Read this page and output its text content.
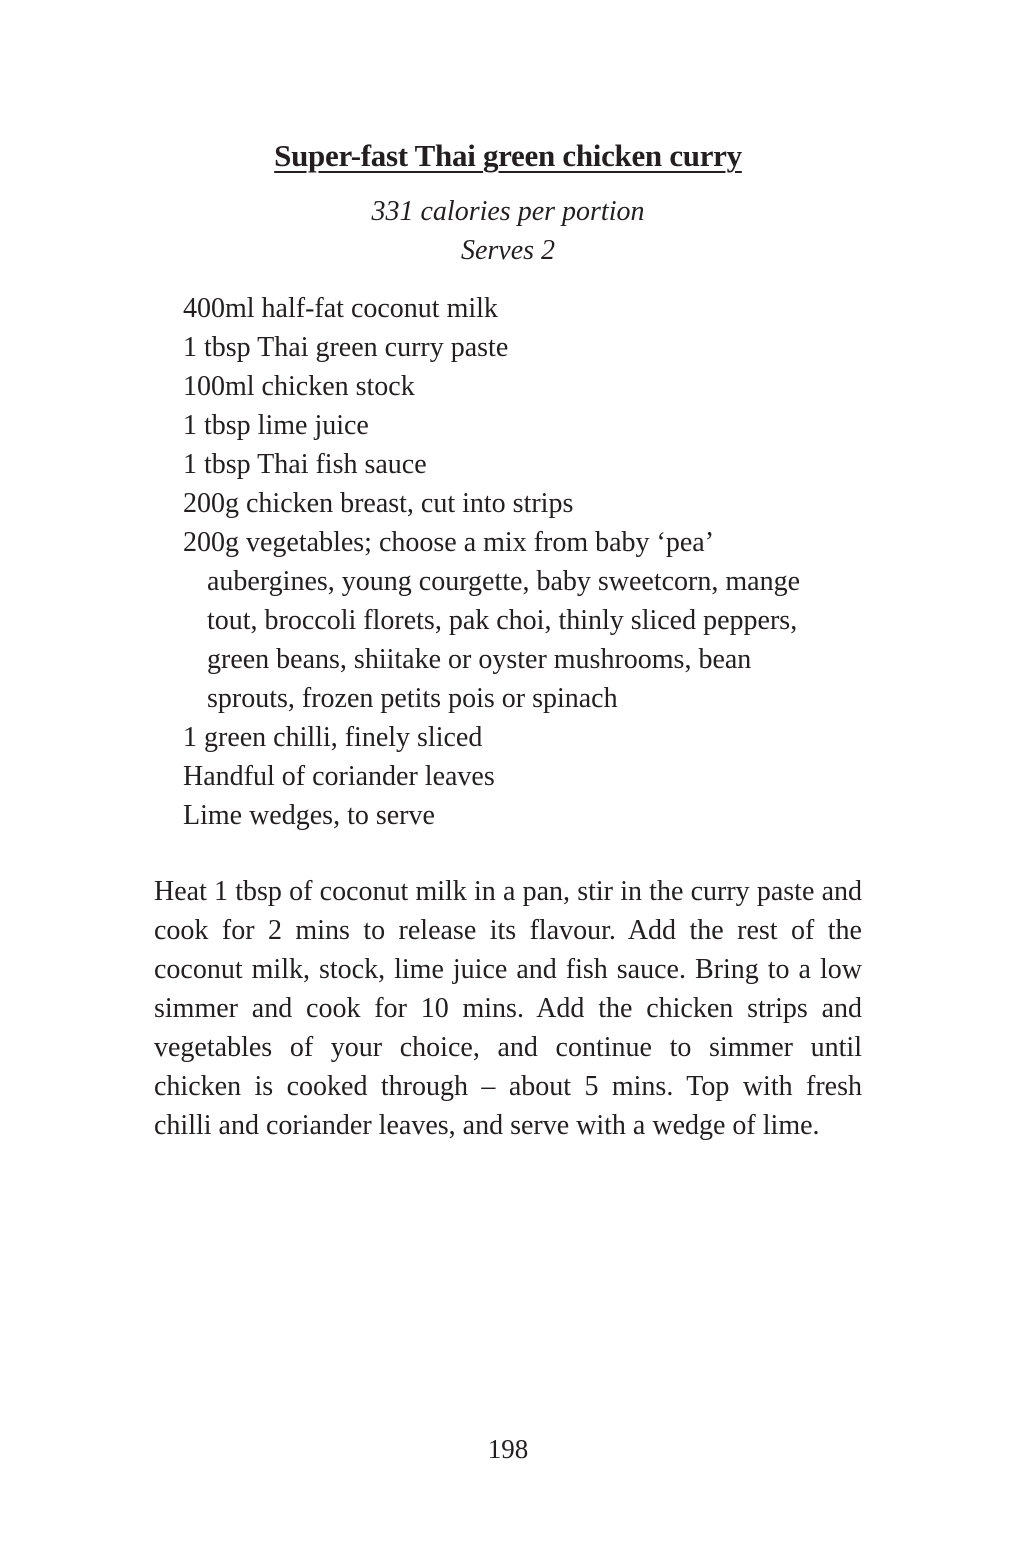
Super-fast Thai green chicken curry
331 calories per portion
Serves 2
400ml half-fat coconut milk
1 tbsp Thai green curry paste
100ml chicken stock
1 tbsp lime juice
1 tbsp Thai fish sauce
200g chicken breast, cut into strips
200g vegetables; choose a mix from baby ‘pea’
aubergines, young courgette, baby sweetcorn, mange
tout, broccoli florets, pak choi, thinly sliced peppers,
green beans, shiitake or oyster mushrooms, bean
sprouts, frozen petits pois or spinach
1 green chilli, finely sliced
Handful of coriander leaves
Lime wedges, to serve

Heat 1 tbsp of coconut milk in a pan, stir in the curry paste and cook for 2 mins to release its flavour. Add the rest of the coconut milk, stock, lime juice and fish sauce. Bring to a low simmer and cook for 10 mins. Add the chicken strips and vegetables of your choice, and continue to simmer until chicken is cooked through – about 5 mins. Top with fresh chilli and coriander leaves, and serve with a wedge of lime.

198
